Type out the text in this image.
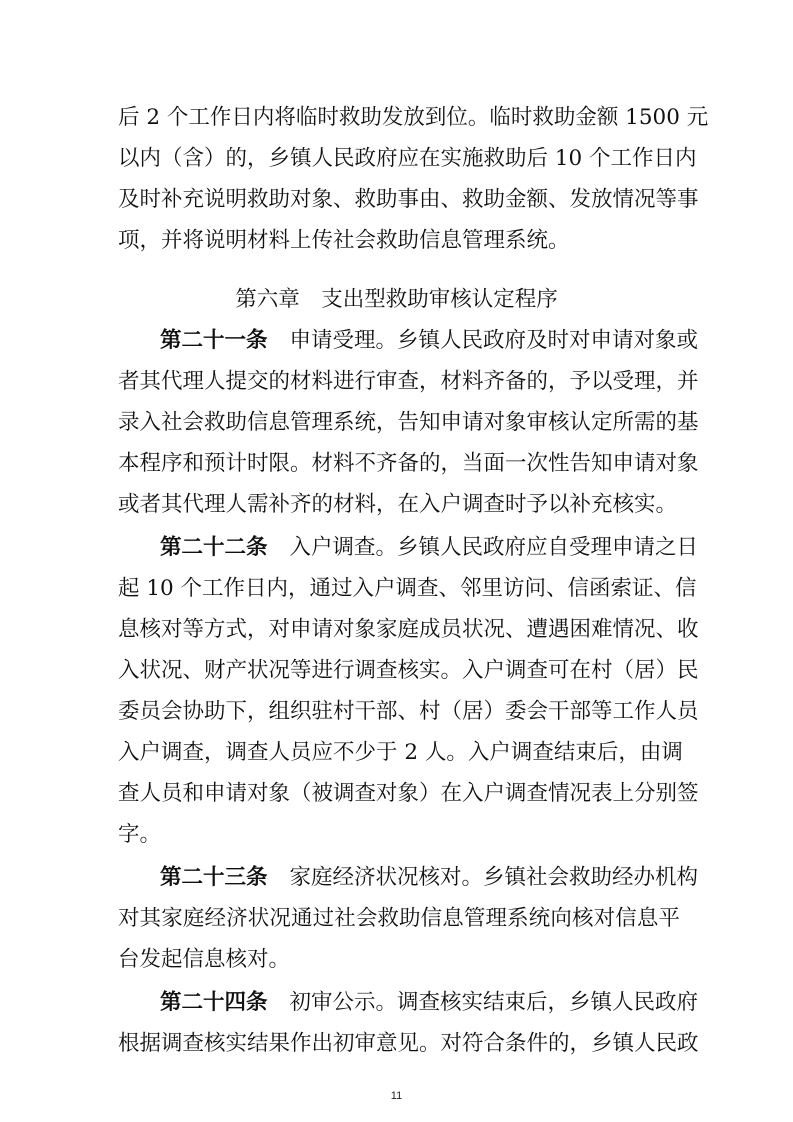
后 2 个工作日内将临时救助发放到位。临时救助金额 1500 元
以内（含）的，乡镇人民政府应在实施救助后 10 个工作日内
及时补充说明救助对象、救助事由、救助金额、发放情况等事
项，并将说明材料上传社会救助信息管理系统。
第六章　支出型救助审核认定程序
第二十一条 申请受理。乡镇人民政府及时对申请对象或
者其代理人提交的材料进行审查，材料齐备的，予以受理，并
录入社会救助信息管理系统，告知申请对象审核认定所需的基
本程序和预计时限。材料不齐备的，当面一次性告知申请对象
或者其代理人需补齐的材料，在入户调查时予以补充核实。
第二十二条 入户调查。乡镇人民政府应自受理申请之日
起 10 个工作日内，通过入户调查、邻里访问、信函索证、信
息核对等方式，对申请对象家庭成员状况、遭遇困难情况、收
入状况、财产状况等进行调查核实。入户调查可在村（居）民
委员会协助下，组织驻村干部、村（居）委会干部等工作人员
入户调查，调查人员应不少于 2 人。入户调查结束后，由调
查人员和申请对象（被调查对象）在入户调查情况表上分别签
字。
第二十三条 家庭经济状况核对。乡镇社会救助经办机构
对其家庭经济状况通过社会救助信息管理系统向核对信息平
台发起信息核对。
第二十四条 初审公示。调查核实结束后，乡镇人民政府
根据调查核实结果作出初审意见。对符合条件的，乡镇人民政
11
